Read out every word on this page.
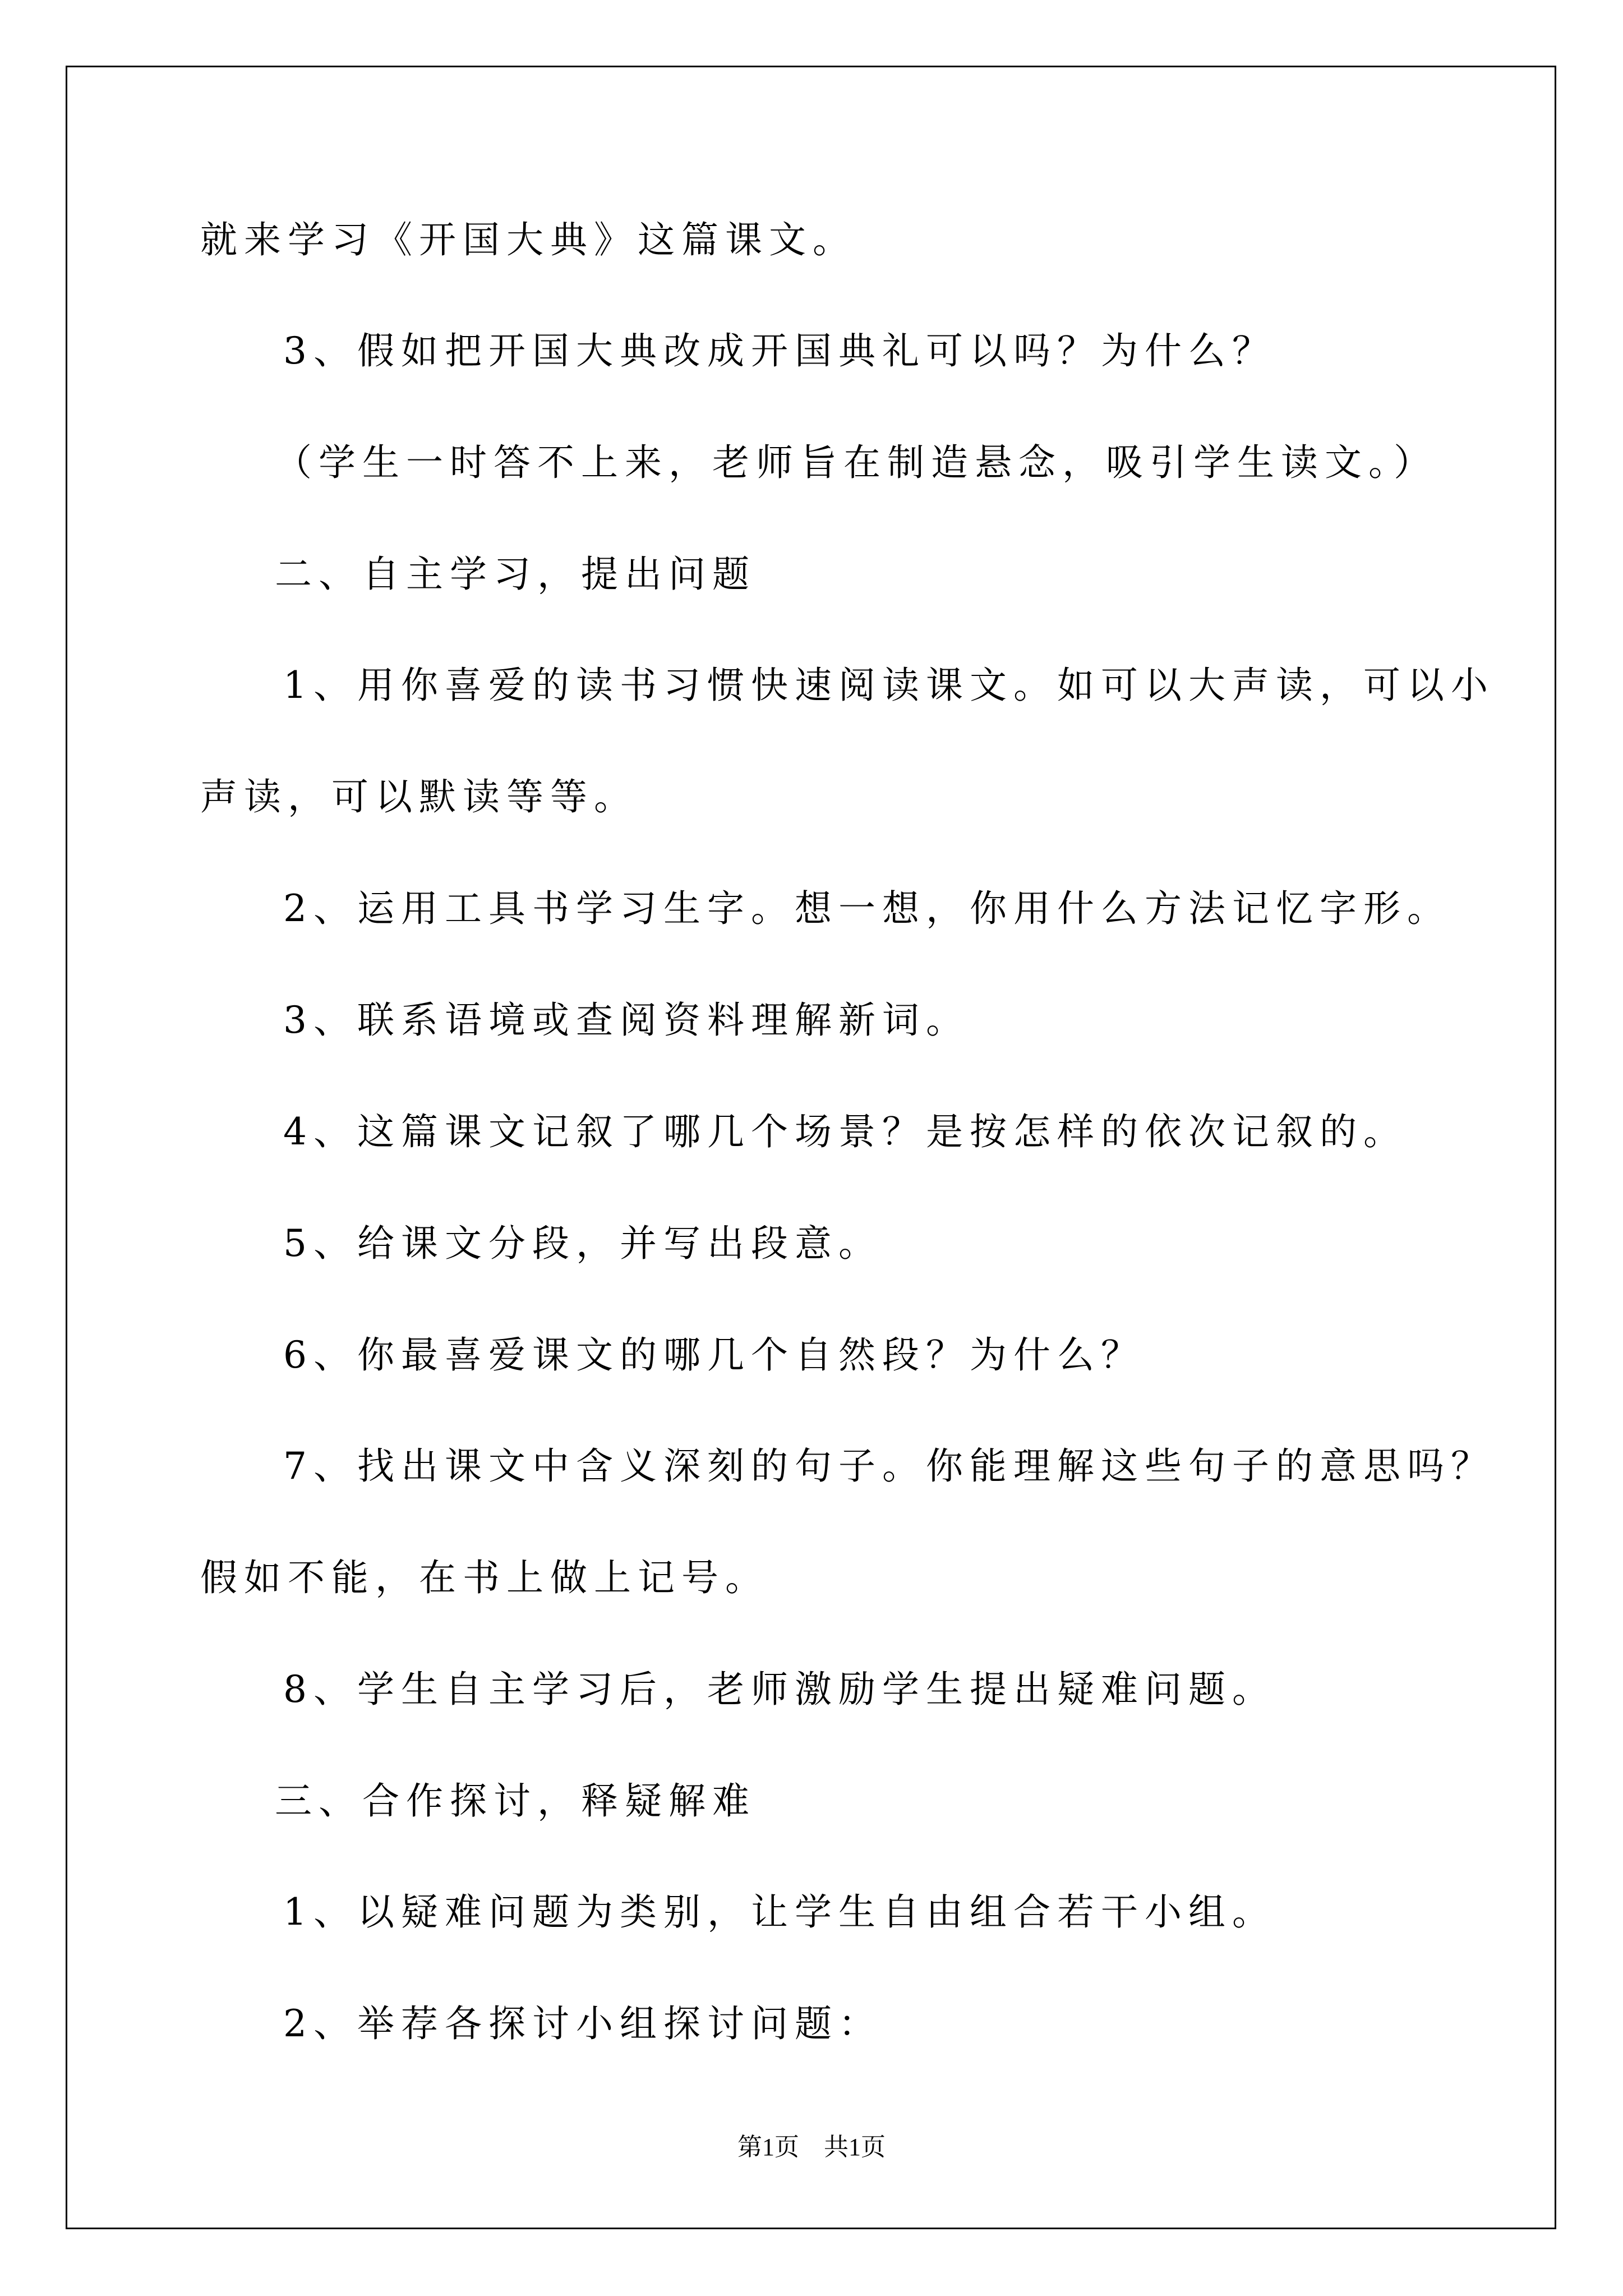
就来学习《开国大典》这篇课文。

3、假如把开国大典改成开国典礼可以吗？为什么？

（学生一时答不上来，老师旨在制造悬念，吸引学生读文。）

二、自主学习，提出问题

1、用你喜爱的读书习惯快速阅读课文。如可以大声读，可以小

声读，可以默读等等。

2、运用工具书学习生字。想一想，你用什么方法记忆字形。

3、联系语境或查阅资料理解新词。

4、这篇课文记叙了哪几个场景？是按怎样的依次记叙的。

5、给课文分段，并写出段意。

6、你最喜爱课文的哪几个自然段？为什么？

7、找出课文中含义深刻的句子。你能理解这些句子的意思吗？

假如不能，在书上做上记号。

8、学生自主学习后，老师激励学生提出疑难问题。

三、合作探讨，释疑解难

1、以疑难问题为类别，让学生自由组合若干小组。

2、举荐各探讨小组探讨问题：

第1页　共1页
